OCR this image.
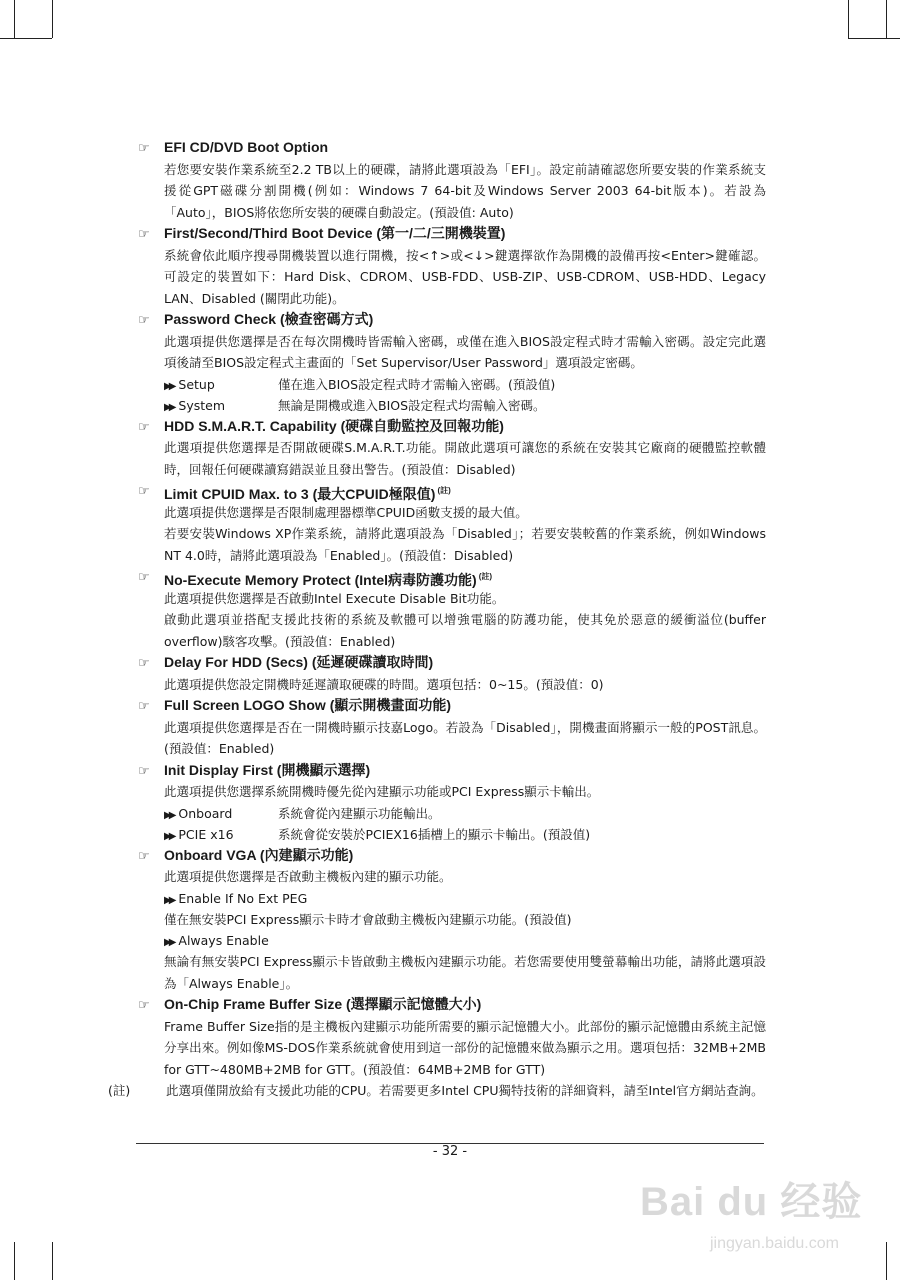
☞ EFI CD/DVD Boot Option
若您要安裝作業系統至2.2 TB以上的硬碟，請將此選項設為「EFI」。設定前請確認您所要安裝的作業系統支援從GPT磁碟分割開機(例如：Windows 7 64-bit及Windows Server 2003 64-bit版本)。若設為「Auto」，BIOS將依您所安裝的硬碟自動設定。(預設值: Auto)
☞ First/Second/Third Boot Device (第一/二/三開機裝置)
系統會依此順序搜尋開機裝置以進行開機，按<↑>或<↓>鍵選擇欲作為開機的設備再按<Enter>鍵確認。可設定的裝置如下：Hard Disk、CDROM、USB-FDD、USB-ZIP、USB-CDROM、USB-HDD、Legacy LAN、Disabled (關閉此功能)。
☞ Password Check (檢查密碼方式)
此選項提供您選擇是否在每次開機時皆需輸入密碼，或僅在進入BIOS設定程式時才需輸入密碼。設定完此選項後請至BIOS設定程式主畫面的「Set Supervisor/User Password」選項設定密碼。
▶▶ Setup	僅在進入BIOS設定程式時才需輸入密碼。(預設值)
▶▶ System	無論是開機或進入BIOS設定程式均需輸入密碼。
☞ HDD S.M.A.R.T. Capability (硬碟自動監控及回報功能)
此選項提供您選擇是否開啟硬碟S.M.A.R.T.功能。開啟此選項可讓您的系統在安裝其它廠商的硬體監控軟體時，回報任何硬碟讀寫錯誤並且發出警告。(預設值：Disabled)
☞ Limit CPUID Max. to 3 (最大CPUID極限值) $^{(註)}$
此選項提供您選擇是否限制處理器標準CPUID函數支援的最大值。
若要安裝Windows XP作業系統，請將此選項設為「Disabled」；若要安裝較舊的作業系統，例如Windows NT 4.0時，請將此選項設為「Enabled」。(預設值：Disabled)
☞ No-Execute Memory Protect (Intel病毒防護功能) $^{(註)}$
此選項提供您選擇是否啟動Intel Execute Disable Bit功能。
啟動此選項並搭配支援此技術的系統及軟體可以增強電腦的防護功能，使其免於惡意的緩衝溢位(buffer overflow)駭客攻擊。(預設值：Enabled)
☞ Delay For HDD (Secs) (延遲硬碟讀取時間)
此選項提供您設定開機時延遲讀取硬碟的時間。選項包括：0~15。(預設值：0)
☞ Full Screen LOGO Show (顯示開機畫面功能)
此選項提供您選擇是否在一開機時顯示技嘉Logo。若設為「Disabled」，開機畫面將顯示一般的POST訊息。(預設值：Enabled)
☞ Init Display First (開機顯示選擇)
此選項提供您選擇系統開機時優先從內建顯示功能或PCI Express顯示卡輸出。
▶▶ Onboard	系統會從內建顯示功能輸出。
▶▶ PCIE x16	系統會從安裝於PCIEX16插槽上的顯示卡輸出。(預設值)
☞ Onboard VGA (內建顯示功能)
此選項提供您選擇是否啟動主機板內建的顯示功能。
▶▶ Enable If No Ext PEG
僅在無安裝PCI Express顯示卡時才會啟動主機板內建顯示功能。(預設值)
▶▶ Always Enable
無論有無安裝PCI Express顯示卡皆啟動主機板內建顯示功能。若您需要使用雙螢幕輸出功能，請將此選項設為「Always Enable」。
☞ On-Chip Frame Buffer Size (選擇顯示記憶體大小)
Frame Buffer Size指的是主機板內建顯示功能所需要的顯示記憶體大小。此部份的顯示記憶體由系統主記憶分享出來。例如像MS-DOS作業系統就會使用到這一部份的記憶體來做為顯示之用。選項包括：32MB+2MB for GTT~480MB+2MB for GTT。(預設值：64MB+2MB for GTT)
(註)	此選項僅開放給有支援此功能的CPU。若需要更多Intel CPU獨特技術的詳細資料，請至Intel官方網站查詢。
- 32 -
Bai du 经验
jingyan.baidu.com
